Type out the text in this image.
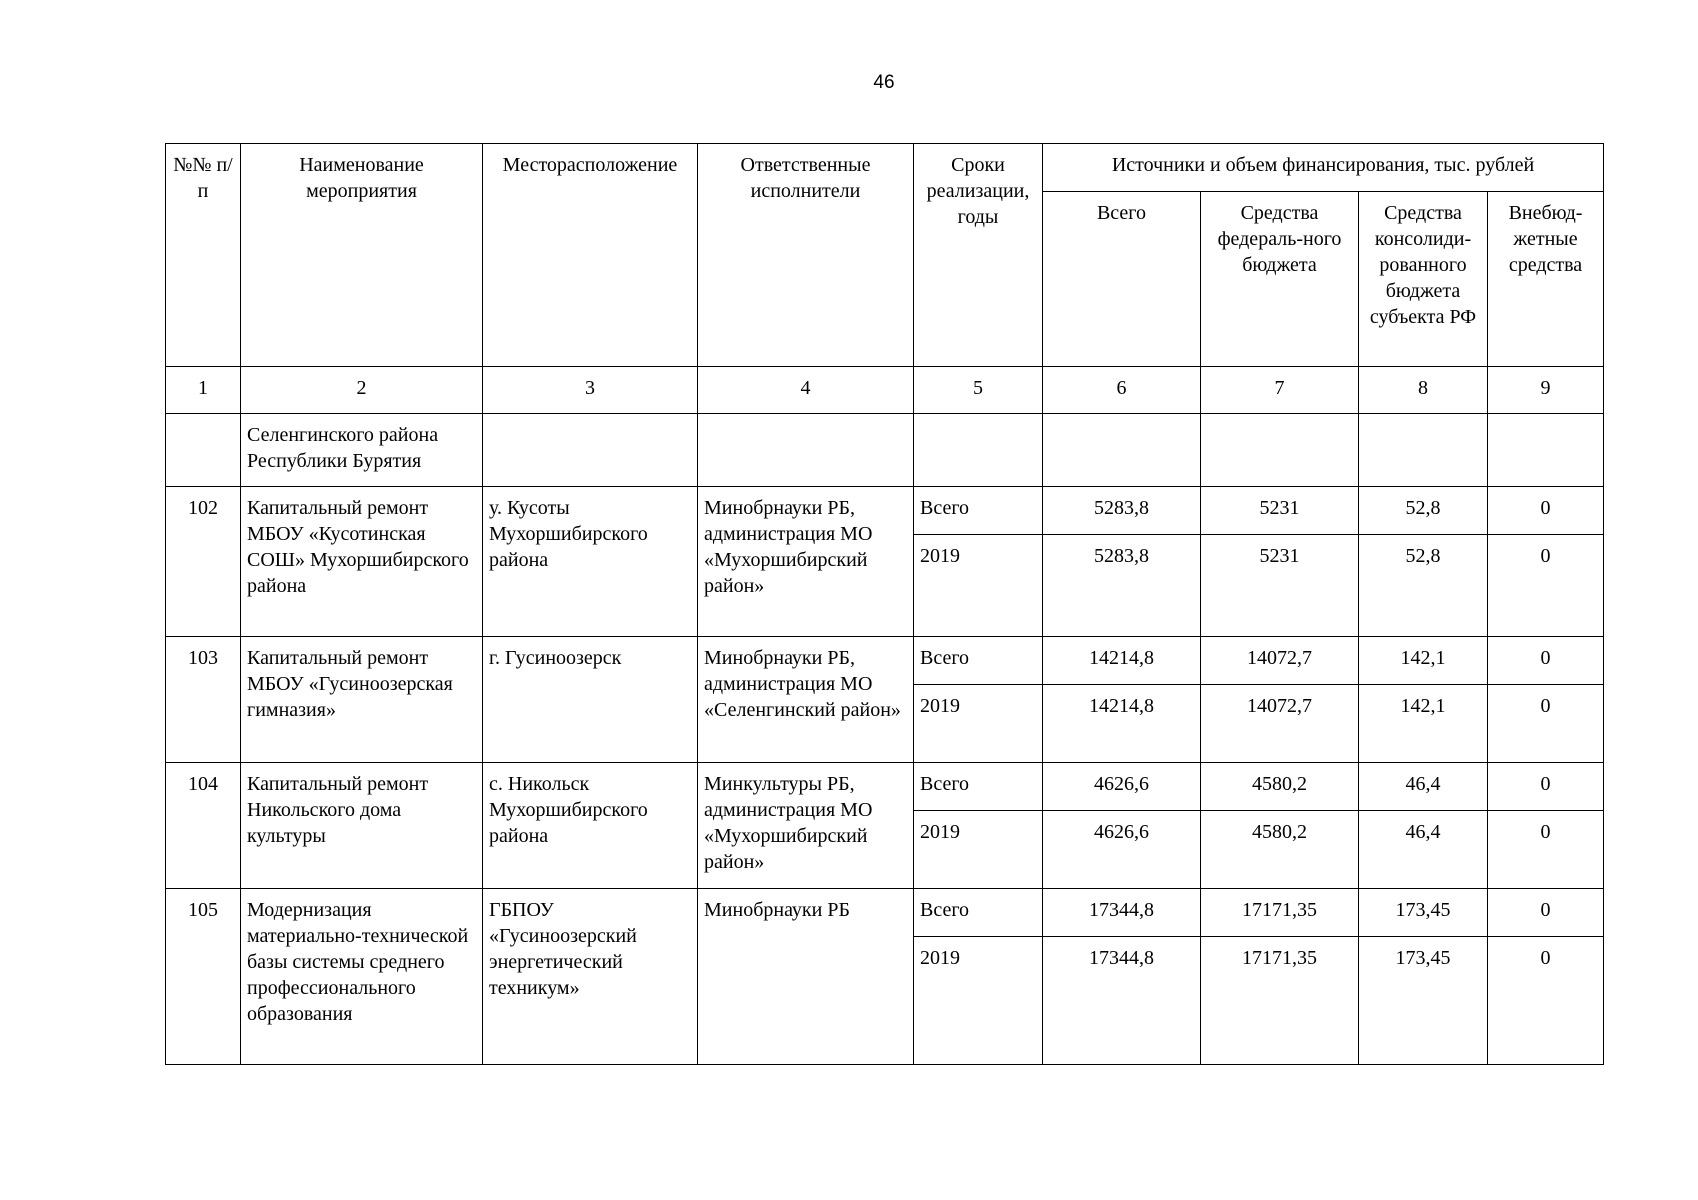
46
№№ п/п	Наименование мероприятия	Месторасположение	Ответственные исполнители	Сроки реализации, годы	Источники и объем финансирования, тыс. рублей			
					Всего	Средства федераль-ного бюджета	Средства консолиди-рованного бюджета субъекта РФ	Внебюд-жетные средства
1	2	3	4	5	6	7	8	9
	Селенгинского района Республики Бурятия							
102	Капитальный ремонт МБОУ «Кусотинская СОШ» Мухоршибирского района	у. Кусоты Мухоршибирского района	Минобрнауки РБ, администрация МО «Мухоршибирский район»	Всего	5283,8	5231	52,8	0
				2019	5283,8	5231	52,8	0
103	Капитальный ремонт МБОУ «Гусиноозерская гимназия»	г. Гусиноозерск	Минобрнауки РБ, администрация МО «Селенгинский район»	Всего	14214,8	14072,7	142,1	0
				2019	14214,8	14072,7	142,1	0
104	Капитальный ремонт Никольского дома культуры	с. Никольск Мухоршибирского района	Минкультуры РБ, администрация МО «Мухоршибирский район»	Всего	4626,6	4580,2	46,4	0
				2019	4626,6	4580,2	46,4	0
105	Модернизация материально-технической базы системы среднего профессионального образования	ГБПОУ «Гусиноозерский энергетический техникум»	Минобрнауки РБ	Всего	17344,8	17171,35	173,45	0
				2019	17344,8	17171,35	173,45	0
